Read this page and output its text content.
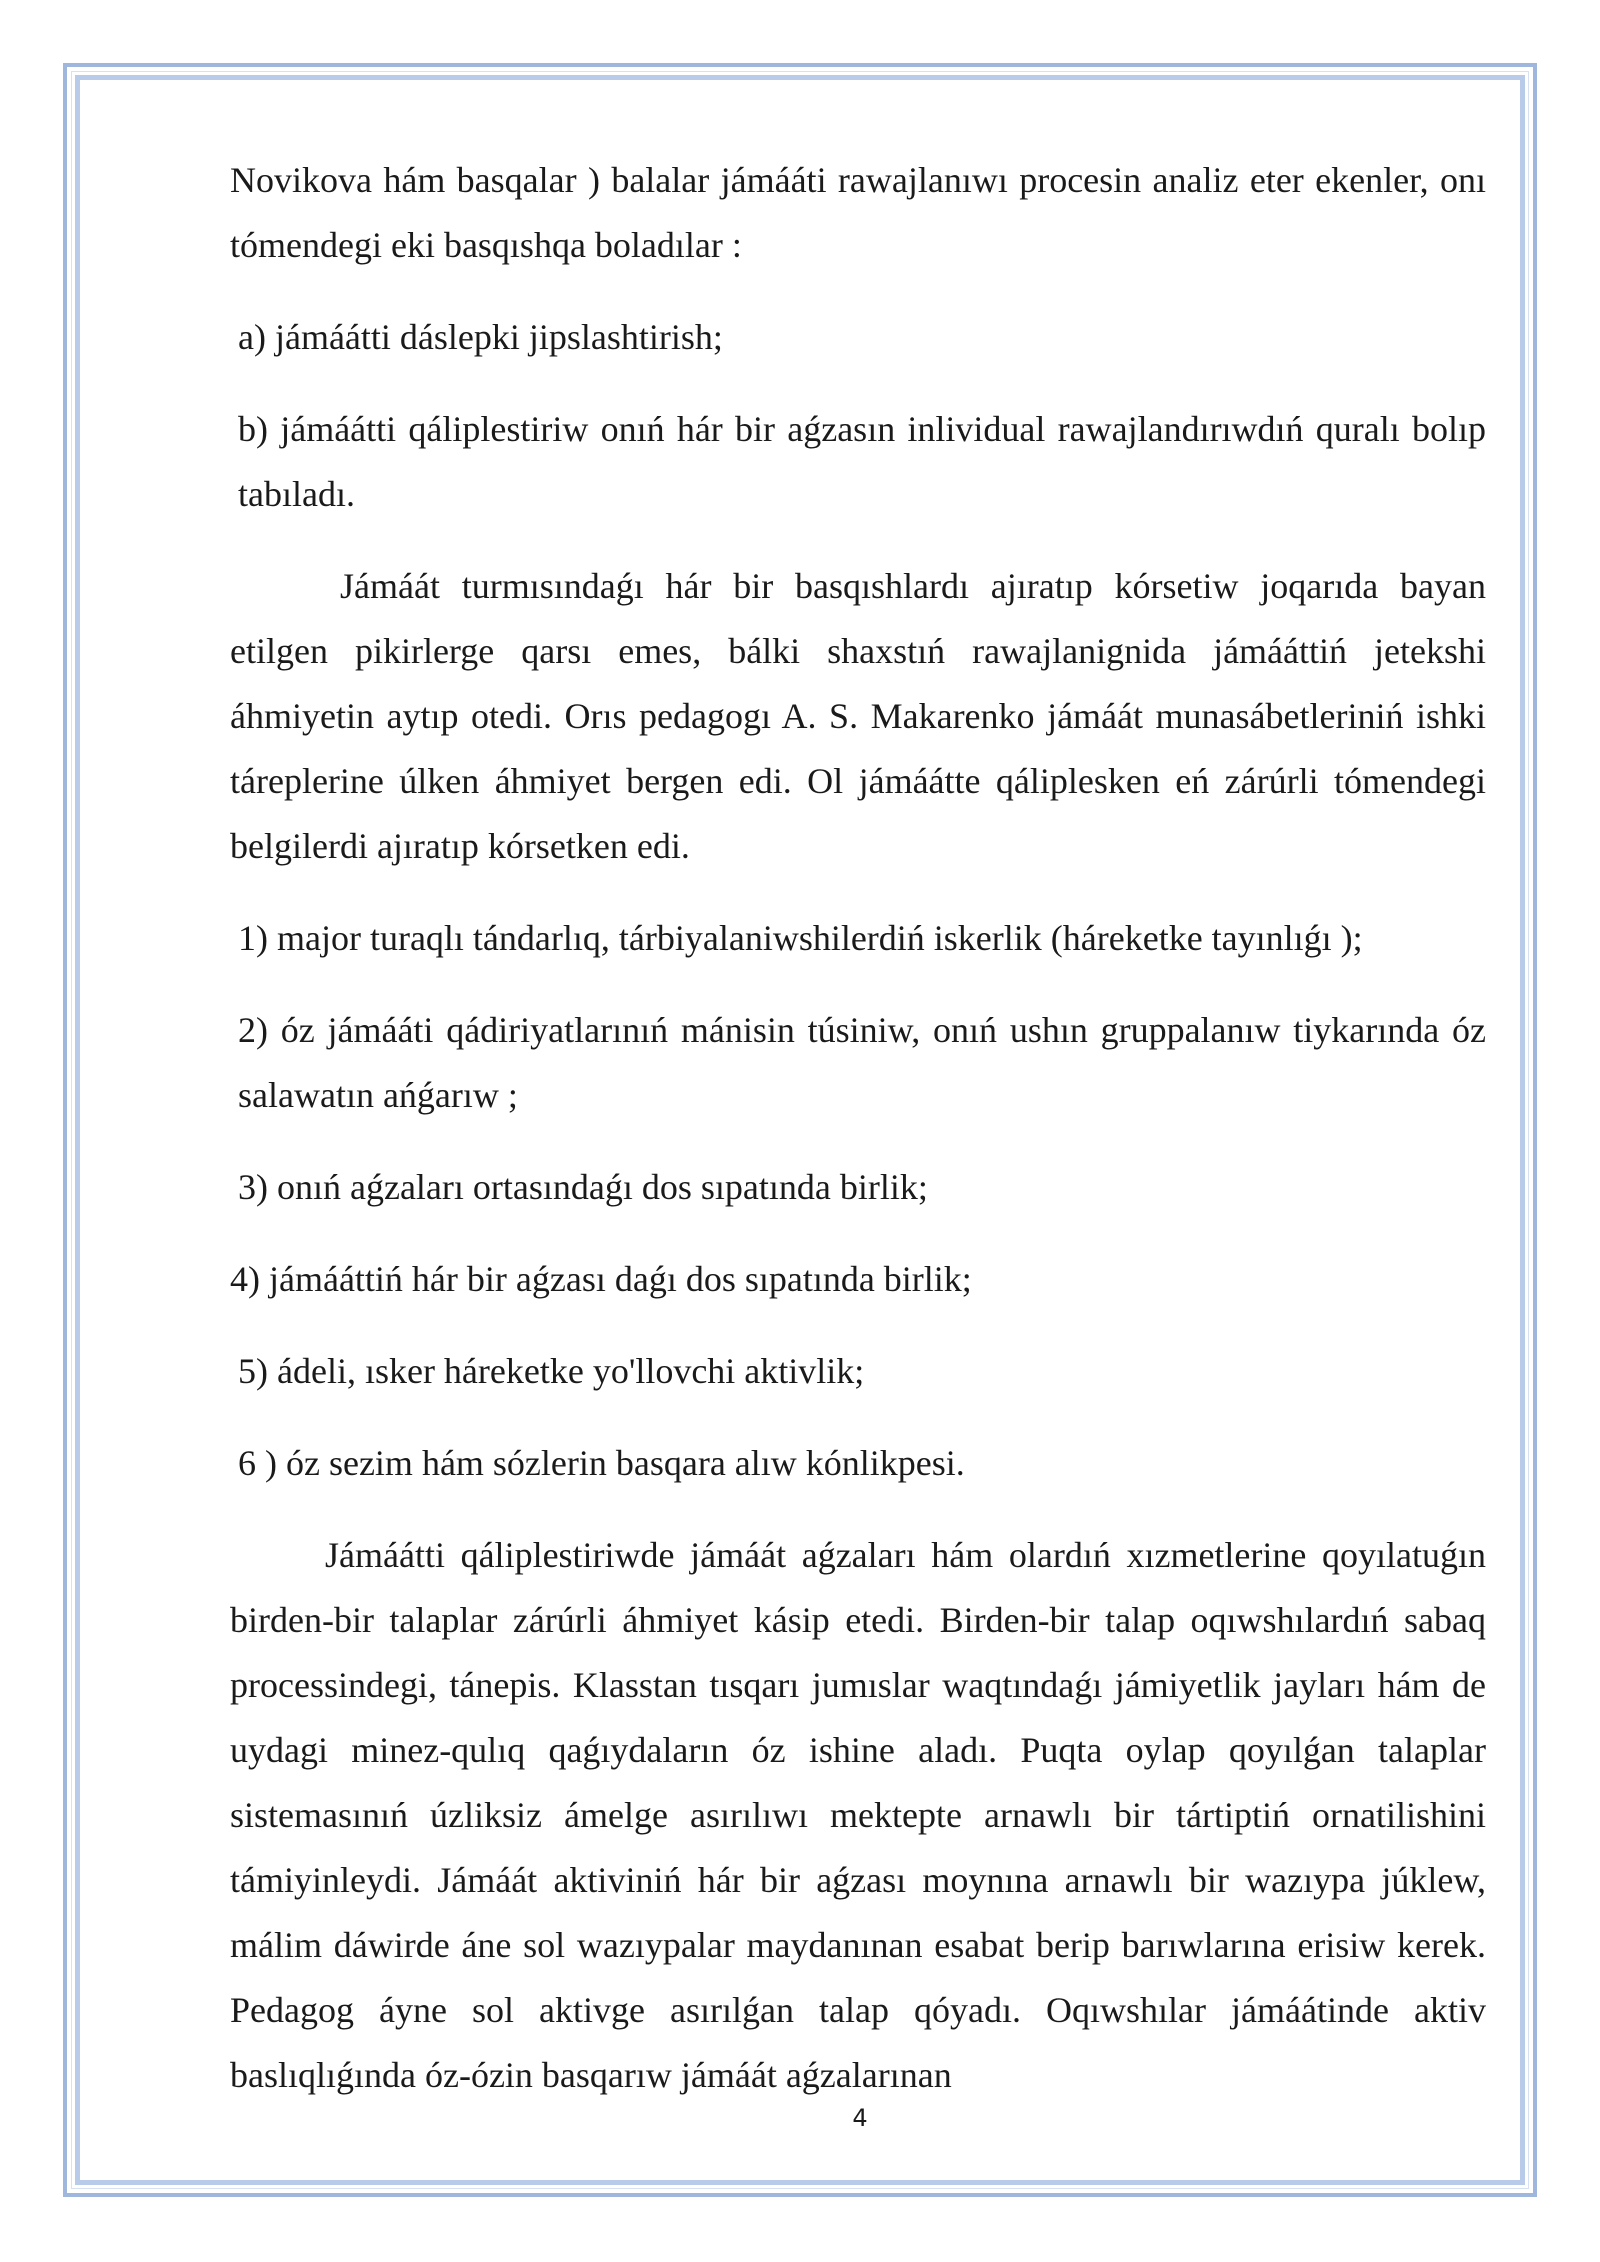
Novikova hám basqalar ) balalar jámááti rawajlanıwı procesin analiz eter ekenler, onı tómendegi eki basqıshqa boladılar :

a) jámáátti dáslepki jipslashtirish;

b) jámáátti qáliplestiriw onıń hár bir aǵzasın inlividual rawajlandırıwdıń quralı bolıp tabıladı.

Jámáát turmısındaǵı hár bir basqıshlardı ajıratıp kórsetiw joqarıda bayan etilgen pikirlerge qarsı emes, bálki shaxstıń rawajlanignida jámááttiń jetekshi áhmiyetin aytıp otedi. Orıs pedagogı A. S. Makarenko jámáát munasábetleriniń ishki táreplerine úlken áhmiyet bergen edi. Ol jámáátte qáliplesken eń zárúrli tómendegi belgilerdi ajıratıp kórsetken edi.

1) major turaqlı tándarlıq, tárbiyalaniwshilerdiń iskerlik (háreketke tayınlıǵı );

2) óz jámááti qádiriyatlarınıń mánisin túsiniw, onıń ushın gruppalanıw tiykarında óz salawatın ańǵarıw ;

3) onıń aǵzaları ortasındaǵı dos sıpatında birlik;

4) jámááttiń hár bir aǵzası daǵı dos sıpatında birlik;

5) ádeli, ısker háreketke yo'llovchi aktivlik;

6 ) óz sezim hám sózlerin basqara alıw kónlikpesi.

Jámáátti qáliplestiriwde jámáát aǵzaları hám olardıń xızmetlerine qoyılatuǵın birden-bir talaplar zárúrli áhmiyet kásip etedi. Birden-bir talap oqıwshılardıń sabaq processindegi, tánepis. Klasstan tısqarı jumıslar waqtındaǵı jámiyetlik jayları hám de uydagi minez-qulıq qaǵıydaların óz ishine aladı. Puqta oylap qoyılǵan talaplar sistemasınıń úzliksiz ámelge asırılıwı mektepte arnawlı bir tártiptiń ornatilishini támiyinleydi. Jámáát aktiviniń hár bir aǵzası moynına arnawlı bir wazıypa júklew, málim dáwirde áne sol wazıypalar maydanınan esabat berip barıwlarına erisiw kerek. Pedagog áyne sol aktivge asırılǵan talap qóyadı. Oqıwshılar jámáátinde aktiv baslıqlıǵında óz-ózin basqarıw jámáát aǵzalarınan

4
